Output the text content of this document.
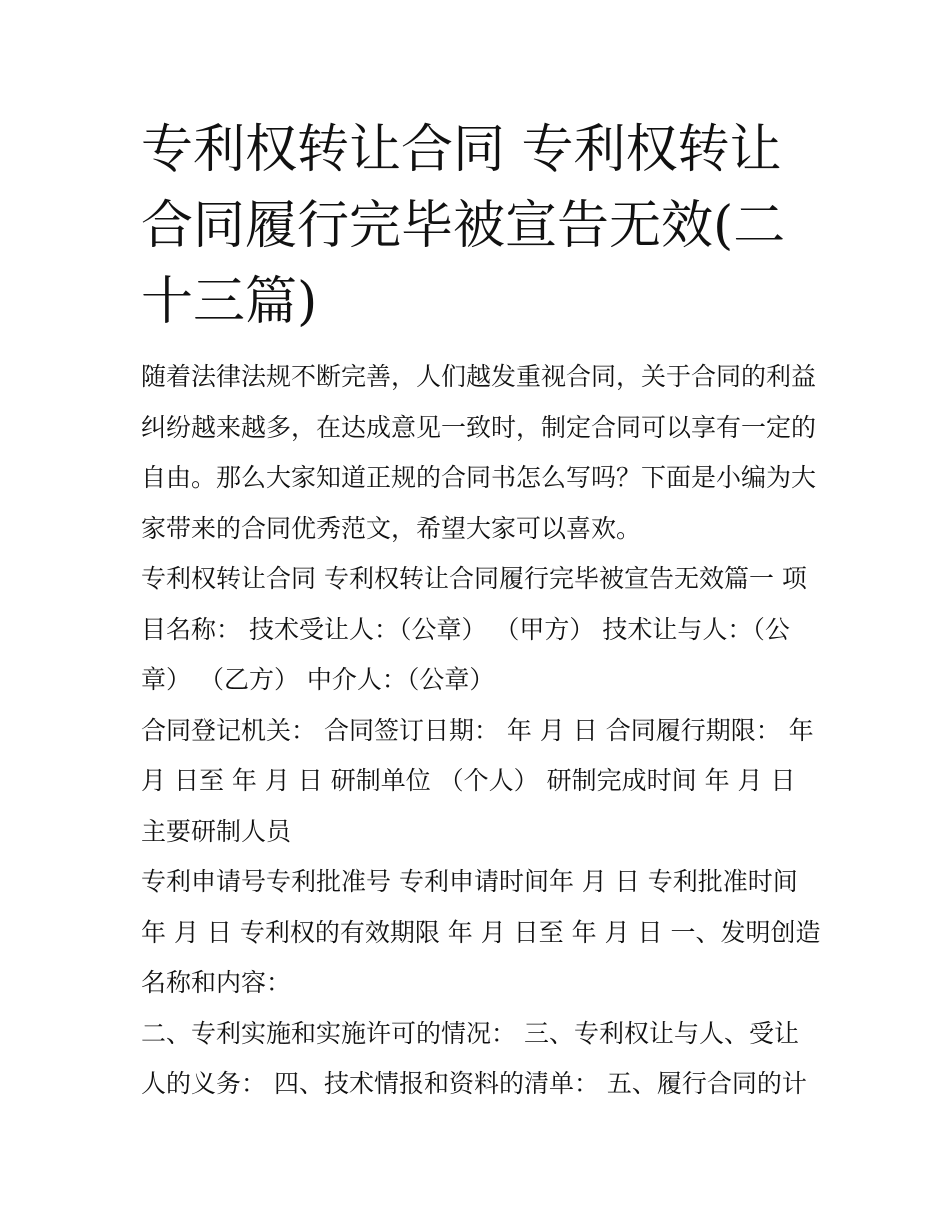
专利权转让合同 专利权转让合同履行完毕被宣告无效(二十三篇)

随着法律法规不断完善，人们越发重视合同，关于合同的利益纠纷越来越多，在达成意见一致时，制定合同可以享有一定的自由。那么大家知道正规的合同书怎么写吗？下面是小编为大家带来的合同优秀范文，希望大家可以喜欢。

专利权转让合同 专利权转让合同履行完毕被宣告无效篇一 项目名称： 技术受让人：（公章） （甲方） 技术让与人：（公章） （乙方） 中介人：（公章）

合同登记机关： 合同签订日期： 年 月 日 合同履行期限： 年 月 日至 年 月 日 研制单位 （个人） 研制完成时间 年 月 日 主要研制人员

专利申请号专利批准号 专利申请时间年 月 日 专利批准时间 年 月 日 专利权的有效期限 年 月 日至 年 月 日 一、发明创造名称和内容：

二、专利实施和实施许可的情况： 三、专利权让与人、受让人的义务： 四、技术情报和资料的清单： 五、履行合同的计
